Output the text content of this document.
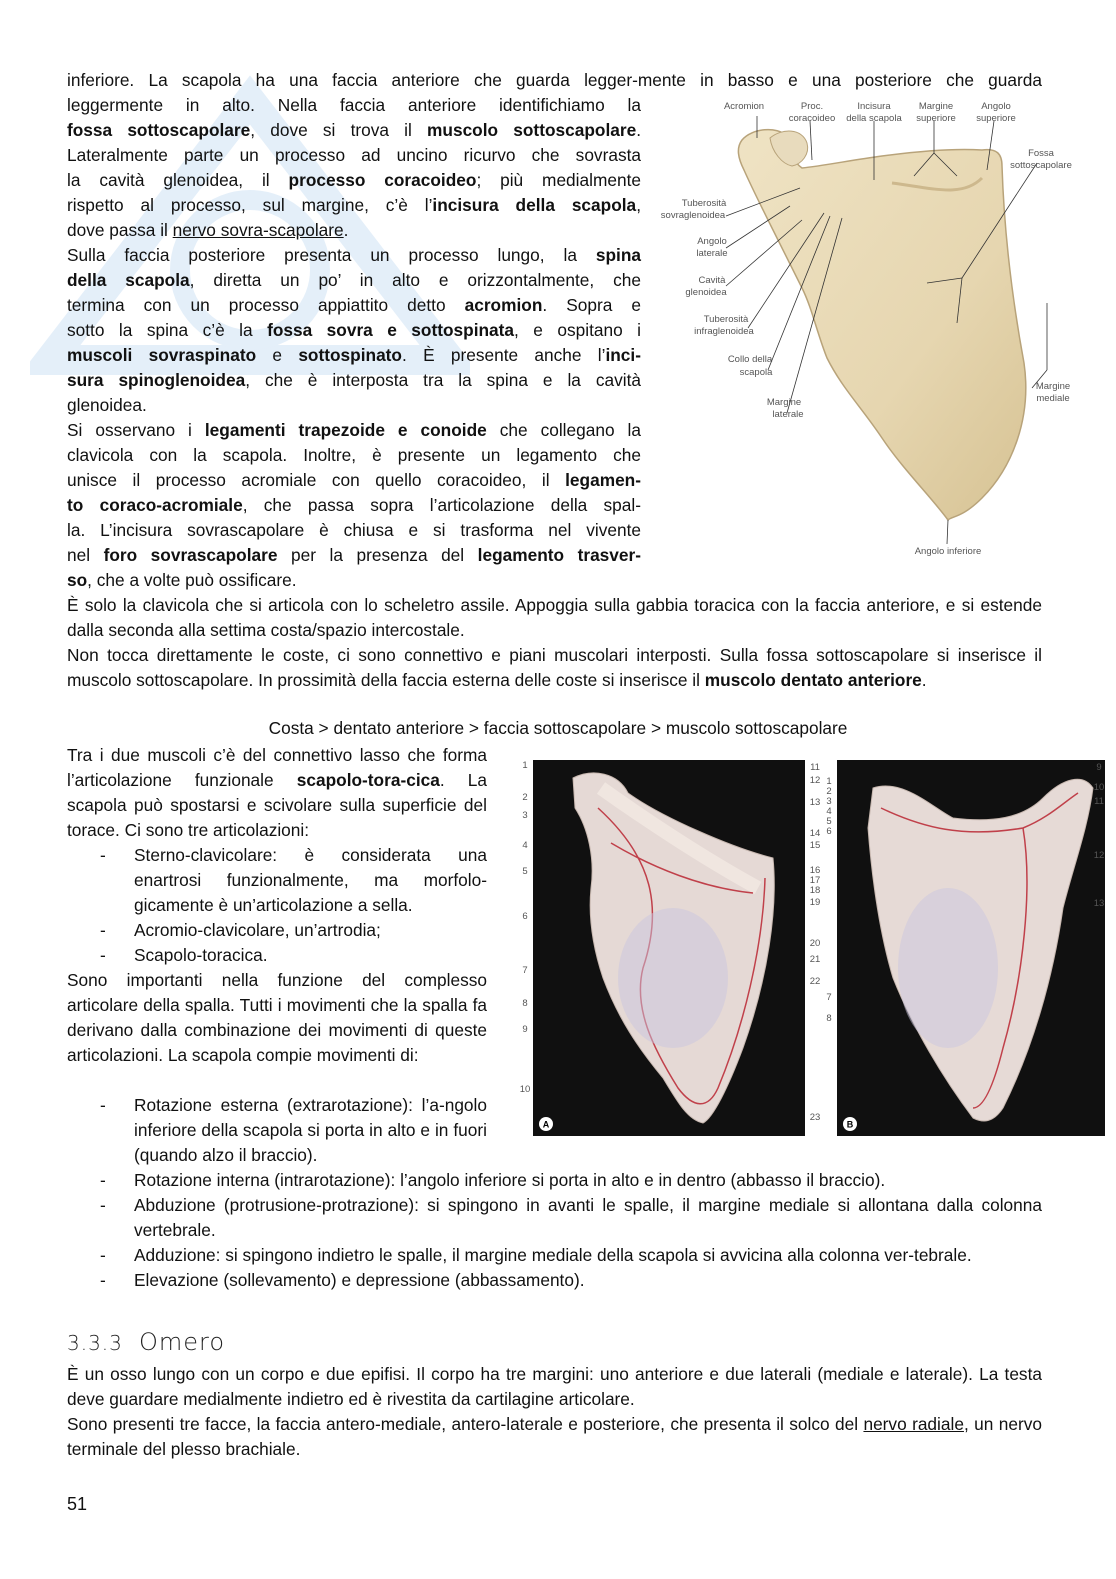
inferiore. La scapola ha una faccia anteriore che guarda legger-mente in basso e una posteriore che guarda

leggermente in alto. Nella faccia anteriore identifichiamo la
fossa sottoscapolare, dove si trova il muscolo sottoscapolare.
Lateralmente parte un processo ad uncino ricurvo che sovrasta
la cavità glenoidea, il processo coracoideo; più medialmente
rispetto al processo, sul margine, c’è l’incisura della scapola,
dove passa il nervo sovra-scapolare.
Sulla faccia posteriore presenta un processo lungo, la spina
della scapola, diretta un po’ in alto e orizzontalmente, che
termina con un processo appiattito detto acromion. Sopra e
sotto la spina c’è la fossa sovra e sottospinata, e ospitano i
muscoli sovraspinato e sottospinato. È presente anche l’inci-
sura spinoglenoidea, che è interposta tra la spina e la cavità
glenoidea.
Si osservano i legamenti trapezoide e conoide che collegano la
clavicola con la scapola. Inoltre, è presente un legamento che
unisce il processo acromiale con quello coracoideo, il legamen-
to coraco-acromiale, che passa sopra l’articolazione della spal-
la. L’incisura sovrascapolare è chiusa e si trasforma nel vivente
nel foro sovrascapolare per la presenza del legamento trasver-
so, che a volte può ossificare.
Acromion	Proc.
coracoideo
Incisura
della scapola
Margine
superiore
Angolo
superiore
Fossa
sottoscapolare
Tuberosità
sovraglenoidea
Angolo
laterale
Cavità
glenoidea
Tuberosità
infraglenoidea
Collo della
scapola
Margine
laterale
Margine
mediale
Angolo inferiore

È solo la clavicola che si articola con lo scheletro assile. Appoggia sulla gabbia toracica con la faccia anteriore, e si estende dalla seconda alla settima costa/spazio intercostale.

Non tocca direttamente le coste, ci sono connettivo e piani muscolari interposti. Sulla fossa sottoscapolare si inserisce il muscolo sottoscapolare. In prossimità della faccia esterna delle coste si inserisce il muscolo dentato anteriore.

Costa > dentato anteriore > faccia sottoscapolare > muscolo sottoscapolare

Tra i due muscoli c’è del connettivo lasso che forma l’articolazione funzionale scapolo-tora-cica. La scapola può spostarsi e scivolare sulla superficie del torace. Ci sono tre articolazioni:

- Sterno-clavicolare: è considerata una enartrosi funzionalmente, ma morfolo-gicamente è un’articolazione a sella.
- Acromio-clavicolare, un’artrodia;
- Scapolo-toracica.

Sono importanti nella funzione del complesso articolare della spalla. Tutti i movimenti che la spalla fa derivano dalla combinazione dei movimenti di queste articolazioni. La scapola compie movimenti di:

- Rotazione esterna (extrarotazione): l’a-ngolo inferiore della scapola si porta in alto e in fuori (quando alzo il braccio).
- Rotazione interna (intrarotazione): l’angolo inferiore si porta in alto e in dentro (abbasso il braccio).
- Abduzione (protrusione-protrazione): si spingono in avanti le spalle, il margine mediale si allontana dalla colonna vertebrale.
- Adduzione: si spingono indietro le spalle, il margine mediale della scapola si avvicina alla colonna ver-tebrale.
- Elevazione (sollevamento) e depressione (abbassamento).
1
2
3
4
5
6
7
8
9
10
11
12
13
14
15
16
17
18
19
20
21
22
23
1
2
3
4
5
6
7
8
9
10
11
12
13
A	B
3.3.3 Omero

È un osso lungo con un corpo e due epifisi. Il corpo ha tre margini: uno anteriore e due laterali (mediale e laterale). La testa deve guardare medialmente indietro ed è rivestita da cartilagine articolare.

Sono presenti tre facce, la faccia antero-mediale, antero-laterale e posteriore, che presenta il solco del nervo radiale, un nervo terminale del plesso brachiale.

51
